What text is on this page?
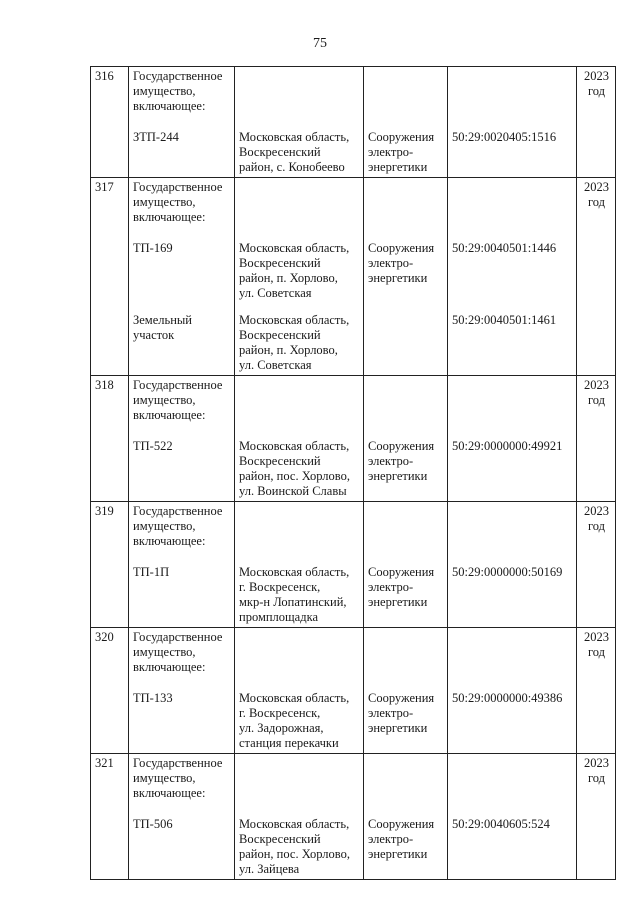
75
316	Государственное
имущество,
включающее:				2023
год

	ЗТП-244	Московская область,
Воскресенский
район, с. Конобеево	Сооружения
электро-
энергетики	50:29:0020405:1516	
317	Государственное
имущество,
включающее:				2023
год

	ТП-169	Московская область,
Воскресенский
район, п. Хорлово,
ул. Советская	Сооружения
электро-
энергетики	50:29:0040501:1446	

	Земельный
участок	Московская область,
Воскресенский
район, п. Хорлово,
ул. Советская		50:29:0040501:1461	
318	Государственное
имущество,
включающее:				2023
год

	ТП-522	Московская область,
Воскресенский
район, пос. Хорлово,
ул. Воинской Славы	Сооружения
электро-
энергетики	50:29:0000000:49921	
319	Государственное
имущество,
включающее:				2023
год

	ТП-1П	Московская область,
г. Воскресенск,
мкр-н Лопатинский,
промплощадка	Сооружения
электро-
энергетики	50:29:0000000:50169	
320	Государственное
имущество,
включающее:				2023
год

	ТП-133	Московская область,
г. Воскресенск,
ул. Задорожная,
станция перекачки	Сооружения
электро-
энергетики	50:29:0000000:49386	
321	Государственное
имущество,
включающее:				2023
год

	ТП-506	Московская область,
Воскресенский
район, пос. Хорлово,
ул. Зайцева	Сооружения
электро-
энергетики	50:29:0040605:524	
